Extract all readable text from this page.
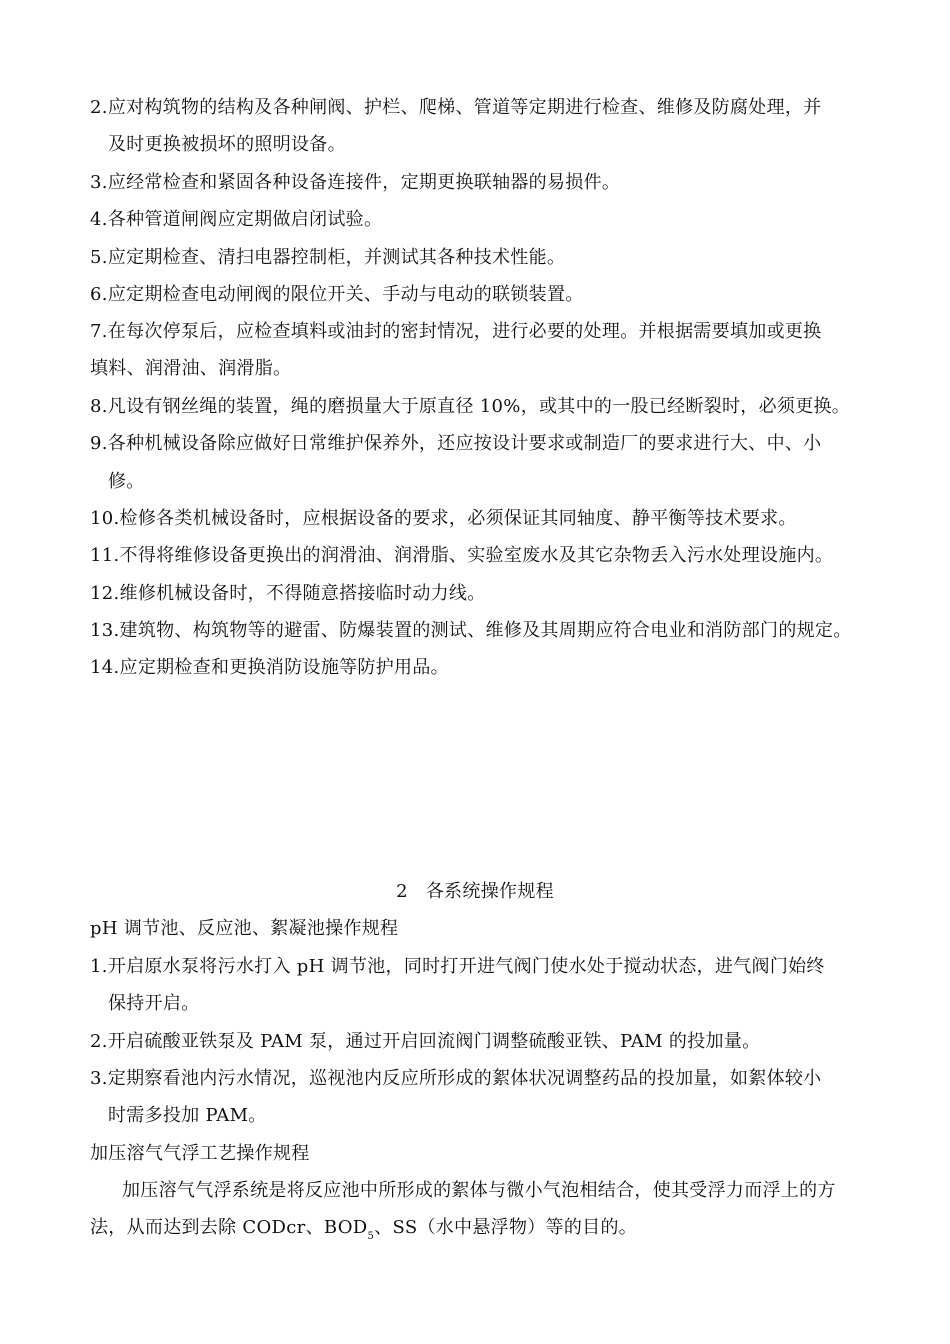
2.应对构筑物的结构及各种闸阀、护栏、爬梯、管道等定期进行检查、维修及防腐处理，并
及时更换被损坏的照明设备。
3.应经常检查和紧固各种设备连接件，定期更换联轴器的易损件。
4.各种管道闸阀应定期做启闭试验。
5.应定期检查、清扫电器控制柜，并测试其各种技术性能。
6.应定期检查电动闸阀的限位开关、手动与电动的联锁装置。
7.在每次停泵后，应检查填料或油封的密封情况，进行必要的处理。并根据需要填加或更换
填料、润滑油、润滑脂。
8.凡设有钢丝绳的装置，绳的磨损量大于原直径 10%，或其中的一股已经断裂时，必须更换。
9.各种机械设备除应做好日常维护保养外，还应按设计要求或制造厂的要求进行大、中、小
修。
10.检修各类机械设备时，应根据设备的要求，必须保证其同轴度、静平衡等技术要求。
11.不得将维修设备更换出的润滑油、润滑脂、实验室废水及其它杂物丢入污水处理设施内。
12.维修机械设备时，不得随意搭接临时动力线。
13.建筑物、构筑物等的避雷、防爆装置的测试、维修及其周期应符合电业和消防部门的规定。
14.应定期检查和更换消防设施等防护用品。
2 各系统操作规程
pH 调节池、反应池、絮凝池操作规程
1.开启原水泵将污水打入 pH 调节池，同时打开进气阀门使水处于搅动状态，进气阀门始终
保持开启。
2.开启硫酸亚铁泵及 PAM 泵，通过开启回流阀门调整硫酸亚铁、PAM 的投加量。
3.定期察看池内污水情况，巡视池内反应所形成的絮体状况调整药品的投加量，如絮体较小
时需多投加 PAM。
加压溶气气浮工艺操作规程
加压溶气气浮系统是将反应池中所形成的絮体与微小气泡相结合，使其受浮力而浮上的方
法，从而达到去除 CODcr、$BOD_5$、SS（水中悬浮物）等的目的。
